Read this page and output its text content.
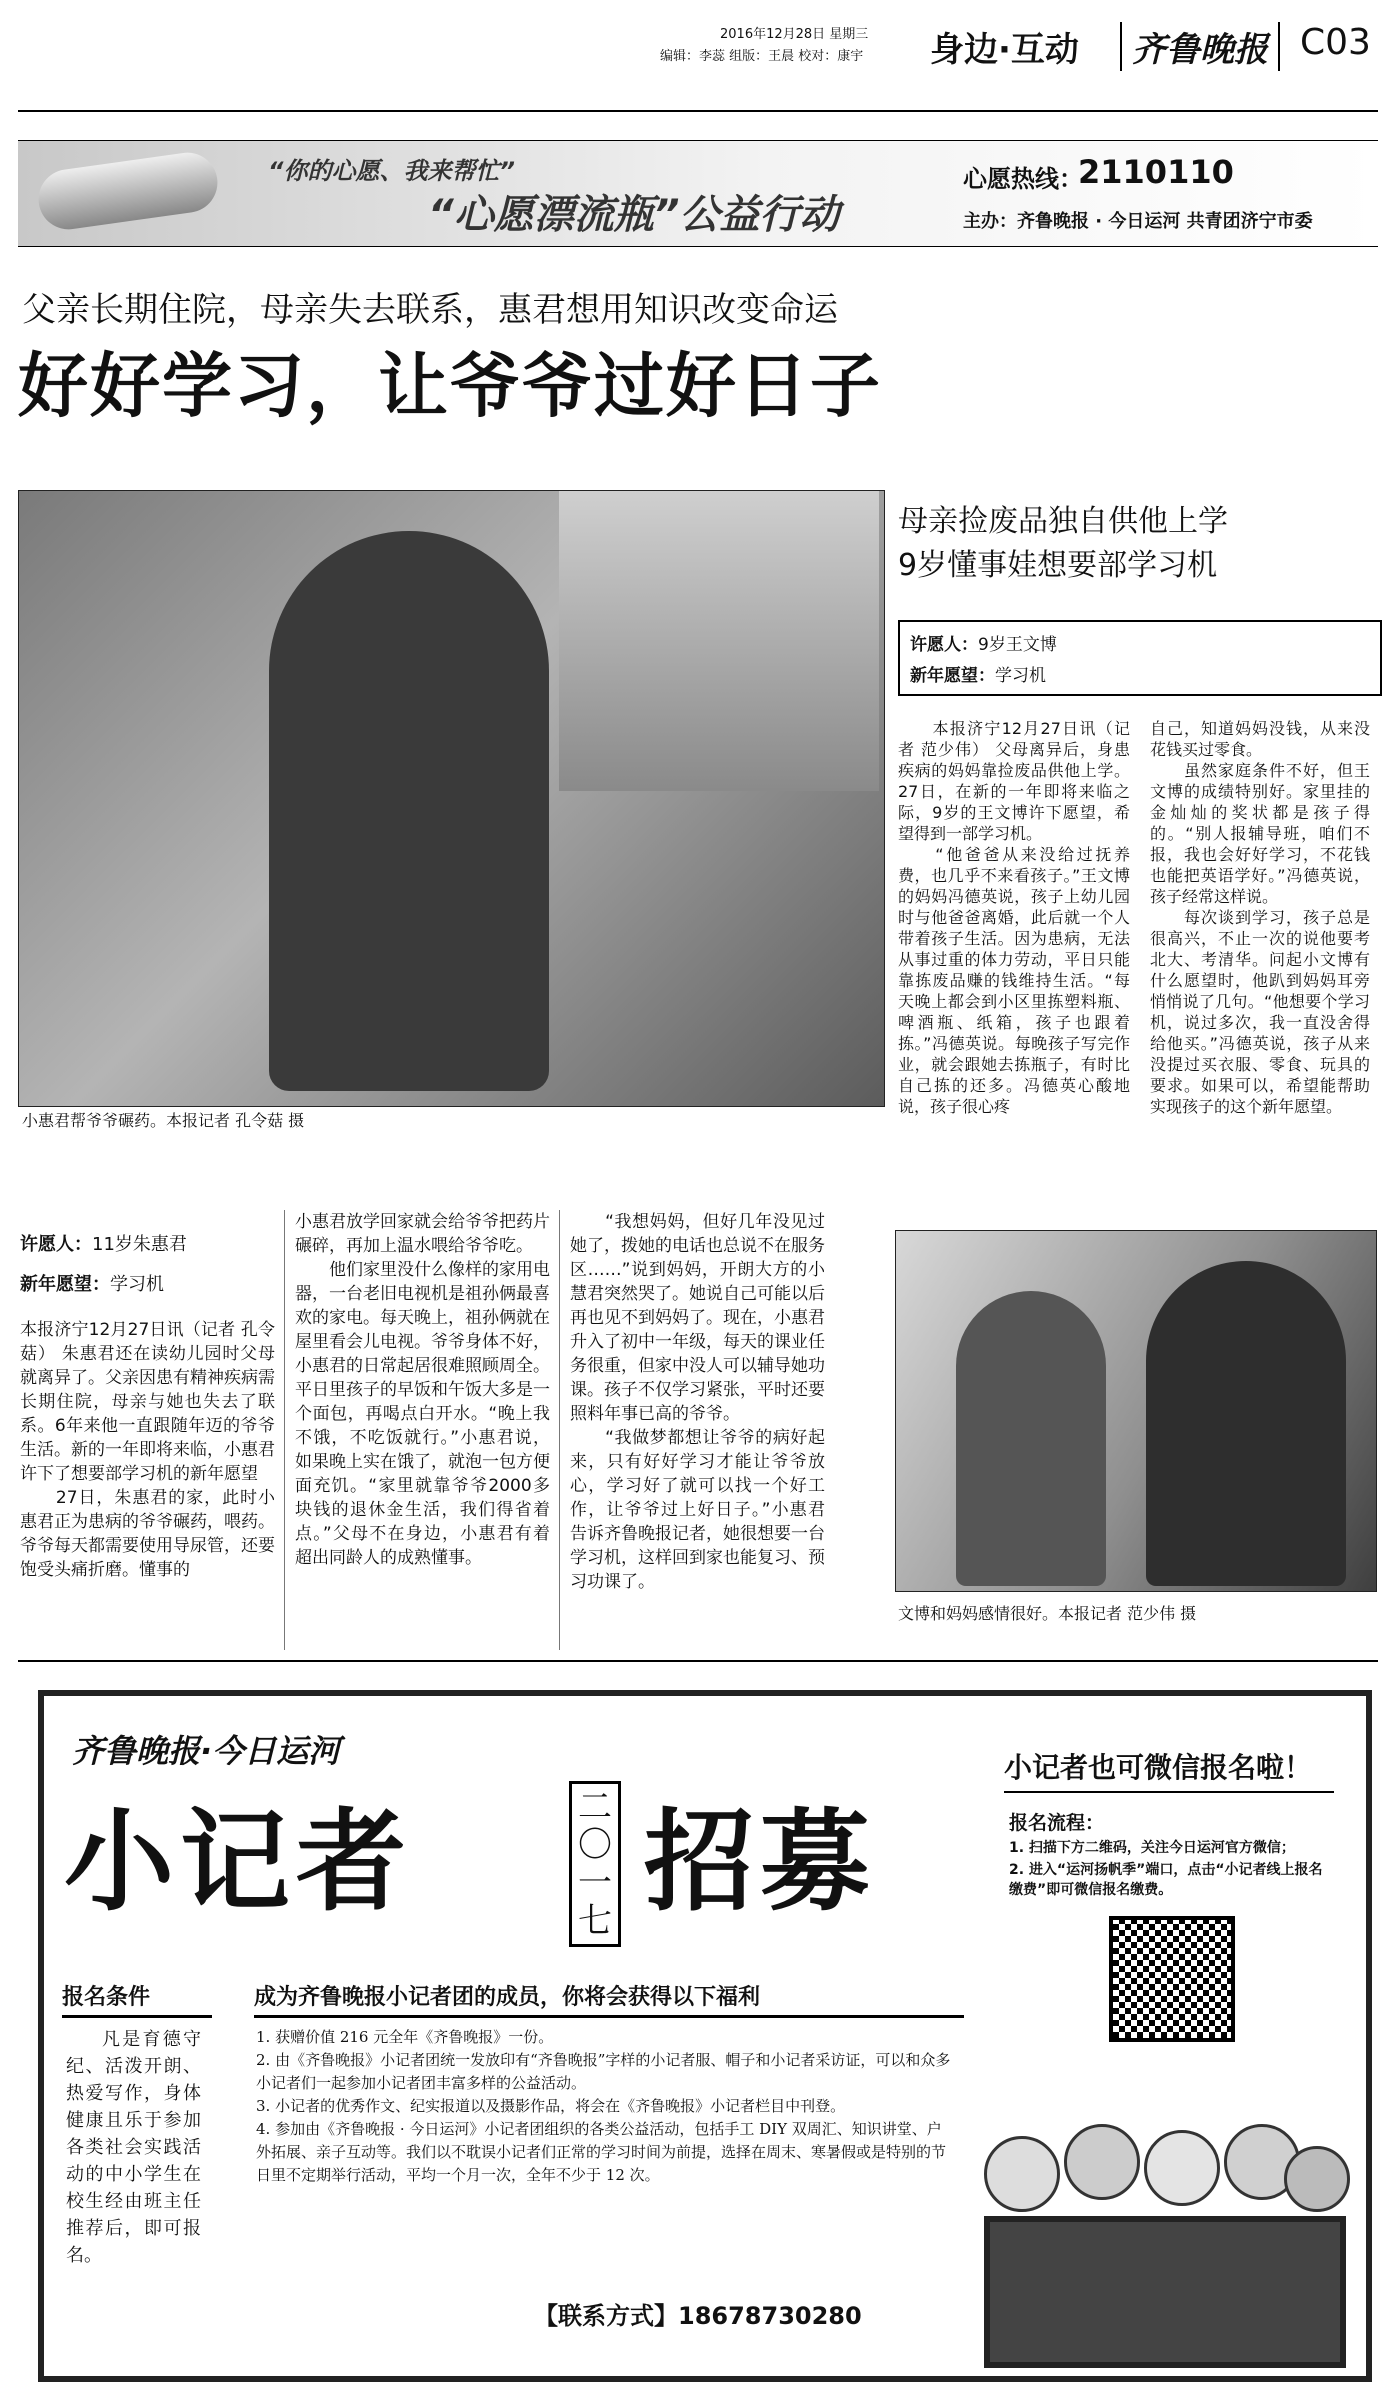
2016年12月28日 星期三
编辑：李蕊 组版：王晨 校对：康宇 身边·互动	齐鲁晚报 C03
“你的心愿、我来帮忙”
“心愿漂流瓶”公益行动
心愿热线：
2110110
主办：齐鲁晚报 · 今日运河 共青团济宁市委
父亲长期住院，母亲失去联系，惠君想用知识改变命运
好好学习，让爷爷过好日子
小惠君帮爷爷碾药。本报记者 孔令菇 摄
许愿人：11岁朱惠君
新年愿望：学习机
本报济宁12月27日讯（记者 孔令菇） 朱惠君还在读幼儿园时父母就离异了。父亲因患有精神疾病需长期住院，母亲与她也失去了联系。6年来他一直跟随年迈的爷爷生活。新的一年即将来临，小惠君许下了想要部学习机的新年愿望
　　27日，朱惠君的家，此时小惠君正为患病的爷爷碾药，喂药。爷爷每天都需要使用导尿管，还要饱受头痛折磨。懂事的
小惠君放学回家就会给爷爷把药片碾碎，再加上温水喂给爷爷吃。
　　他们家里没什么像样的家用电器，一台老旧电视机是祖孙俩最喜欢的家电。每天晚上，祖孙俩就在屋里看会儿电视。爷爷身体不好，小惠君的日常起居很难照顾周全。平日里孩子的早饭和午饭大多是一个面包，再喝点白开水。“晚上我不饿，不吃饭就行。”小惠君说，如果晚上实在饿了，就泡一包方便面充饥。“家里就靠爷爷2000多块钱的退休金生活，我们得省着点。”父母不在身边，小惠君有着超出同龄人的成熟懂事。
　　“我想妈妈，但好几年没见过她了，拨她的电话也总说不在服务区……”说到妈妈，开朗大方的小慧君突然哭了。她说自己可能以后再也见不到妈妈了。现在，小惠君升入了初中一年级，每天的课业任务很重，但家中没人可以辅导她功课。孩子不仅学习紧张，平时还要照料年事已高的爷爷。
　　“我做梦都想让爷爷的病好起来，只有好好学习才能让爷爷放心，学习好了就可以找一个好工作，让爷爷过上好日子。”小惠君告诉齐鲁晚报记者，她很想要一台学习机，这样回到家也能复习、预习功课了。
母亲捡废品独自供他上学
9岁懂事娃想要部学习机
许愿人：9岁王文博
新年愿望：学习机
　　本报济宁12月27日讯（记者 范少伟） 父母离异后，身患疾病的妈妈靠捡废品供他上学。27日，在新的一年即将来临之际，9岁的王文博许下愿望，希望得到一部学习机。
　　“他爸爸从来没给过抚养费，也几乎不来看孩子。”王文博的妈妈冯德英说，孩子上幼儿园时与他爸爸离婚，此后就一个人带着孩子生活。因为患病，无法从事过重的体力劳动，平日只能靠拣废品赚的钱维持生活。“每天晚上都会到小区里拣塑料瓶、啤酒瓶、纸箱，孩子也跟着拣。”冯德英说。每晚孩子写完作业，就会跟她去拣瓶子，有时比自己拣的还多。冯德英心酸地说，孩子很心疼
自己，知道妈妈没钱，从来没花钱买过零食。
　　虽然家庭条件不好，但王文博的成绩特别好。家里挂的金灿灿的奖状都是孩子得的。“别人报辅导班，咱们不报，我也会好好学习，不花钱也能把英语学好。”冯德英说，孩子经常这样说。
　　每次谈到学习，孩子总是很高兴，不止一次的说他要考北大、考清华。问起小文博有什么愿望时，他趴到妈妈耳旁悄悄说了几句。“他想要个学习机，说过多次，我一直没舍得给他买。”冯德英说，孩子从来没提过买衣服、零食、玩具的要求。如果可以，希望能帮助实现孩子的这个新年愿望。
文博和妈妈感情很好。本报记者 范少伟 摄
齐鲁晚报·今日运河
小记者	二〇一七 招募
小记者也可微信报名啦！
报名流程：
1. 扫描下方二维码，关注今日运河官方微信；
2. 进入“运河扬帆季”端口，点击“小记者线上报名缴费”即可微信报名缴费。
报名条件
凡是育德守纪、活泼开朗、热爱写作，身体健康且乐于参加各类社会实践活动的中小学生在校生经由班主任推荐后，即可报名。
成为齐鲁晚报小记者团的成员，你将会获得以下福利
1. 获赠价值 216 元全年《齐鲁晚报》一份。
2. 由《齐鲁晚报》小记者团统一发放印有“齐鲁晚报”字样的小记者服、帽子和小记者采访证，可以和众多小记者们一起参加小记者团丰富多样的公益活动。
3. 小记者的优秀作文、纪实报道以及摄影作品，将会在《齐鲁晚报》小记者栏目中刊登。
4. 参加由《齐鲁晚报 · 今日运河》小记者团组织的各类公益活动，包括手工 DIY 双周汇、知识讲堂、户外拓展、亲子互动等。我们以不耽误小记者们正常的学习时间为前提，选择在周末、寒暑假或是特别的节日里不定期举行活动，平均一个月一次，全年不少于 12 次。
【联系方式】18678730280
